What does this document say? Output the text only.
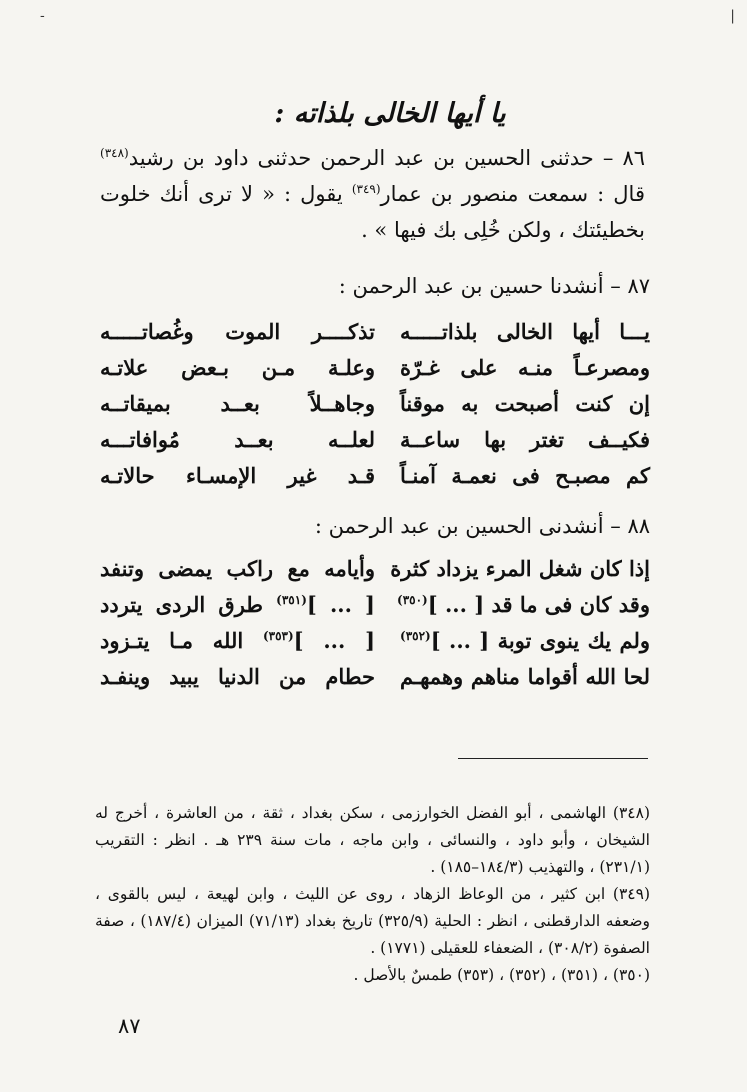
-	|
يا أيها الخالى بلذاته :
٨٦ – حدثنى الحسين بن عبد الرحمن حدثنى داود بن رشيد$^{(٣٤٨)}$ قال : سمعت منصور بن عمار$^{(٣٤٩)}$ يقول : « لا ترى أنك خلوت بخطيئتك ، ولكن خُلِى بك فيها » .
٨٧ – أنشدنا حسين بن عبد الرحمن :
يـــا أيها الخالى بلذاتـــــه
تذكــــر الموت وغُصاتـــــه
ومصرعـاً منـه على غـرّة
وعلـة مـن بـعض علاتـه
إن كنت أصبحت به موقناً
وجاهــلاً بعــد بميقاتــه
فكيــف تغتر بها ساعــة
لعلــه بعــد مُوافاتـــه
كم مصبـح فى نعمـة آمنـاً
قـد غير الإمسـاء حالاتـه
٨٨ – أنشدنى الحسين بن عبد الرحمن :
إذا كان شغل المرء يزداد كثرة
وأيامه مع راكب يمضى وتنفد
وقد كان فى ما قد [ ... ]$^{(٣٥٠)}$
[ ... ]$^{(٣٥١)}$ طرق الردى يتردد
ولم يك ينوى توبة [ ... ]$^{(٣٥٢)}$
[ ... ]$^{(٣٥٣)}$ الله مـا يتـزود
لحا الله أقواما مناهم وهمهـم
حطام من الدنيا يبيد وينفـد

(٣٤٨) الهاشمى ، أبو الفضل الخوارزمى ، سكن بغداد ، ثقة ، من العاشرة ، أخرج له الشيخان ، وأبو داود ، والنسائى ، وابن ماجه ، مات سنة ٢٣٩ هـ . انظر : التقريب (٢٣١/١) ، والتهذيب (١٨٤/٣–١٨٥) .

(٣٤٩) ابن كثير ، من الوعاظ الزهاد ، روى عن الليث ، وابن لهيعة ، ليس بالقوى ، وضعفه الدارقطنى ، انظر : الحلية (٣٢٥/٩) تاريخ بغداد (٧١/١٣) الميزان (١٨٧/٤) ، صفة الصفوة (٣٠٨/٢) ، الضعفاء للعقيلى (١٧٧١) .

(٣٥٠) ، (٣٥١) ، (٣٥٢) ، (٣٥٣) طمسٌ بالأصل .

٨٧
